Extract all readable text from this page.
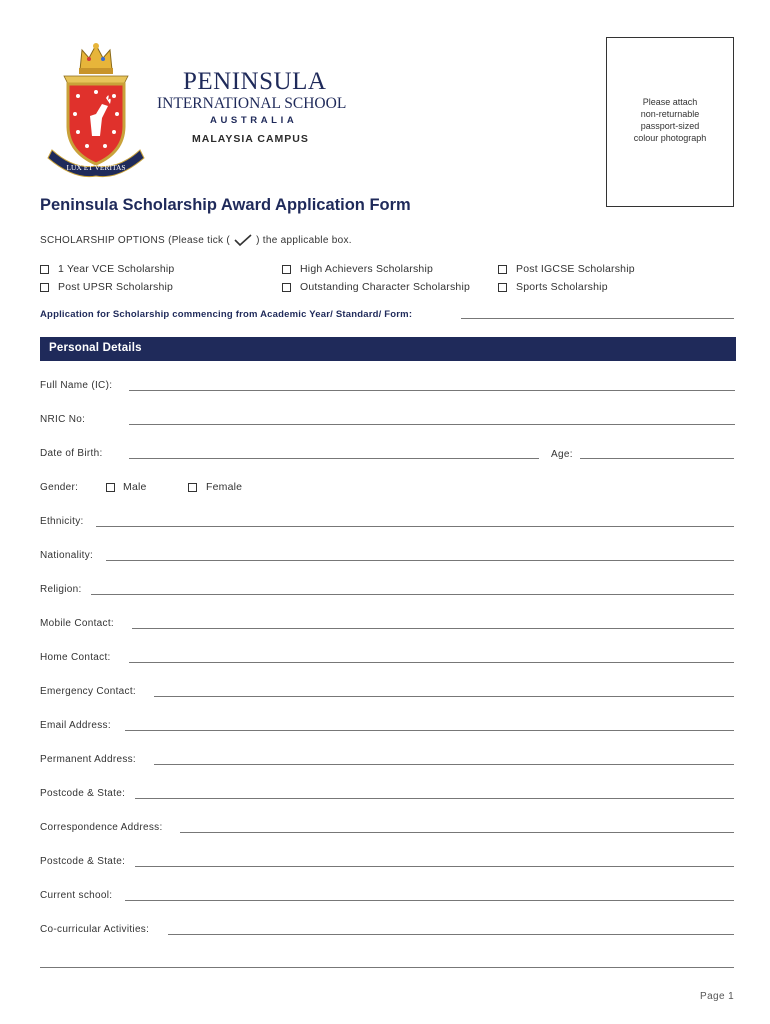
LUX ET VERITAS
PENINSULA
INTERNATIONAL SCHOOL
AUSTRALIA
MALAYSIA CAMPUS
Please attach
non-returnable
passport-sized
colour photograph
Peninsula Scholarship Award Application Form
SCHOLARSHIP OPTIONS (Please tick (	) the applicable box.
1 Year VCE Scholarship	High Achievers Scholarship	Post IGCSE Scholarship
Post UPSR Scholarship	Outstanding Character Scholarship	Sports Scholarship
Application for Scholarship commencing from Academic Year/ Standard/ Form:
Personal Details
Full Name (IC):
NRIC No:
Date of Birth:	Age:
Gender:	Male	Female
Ethnicity:
Nationality:
Religion:
Mobile Contact:
Home Contact:
Emergency Contact:
Email Address:
Permanent Address:
Postcode & State:
Correspondence Address:
Postcode & State:
Current school:
Co-curricular Activities:
Page 1
